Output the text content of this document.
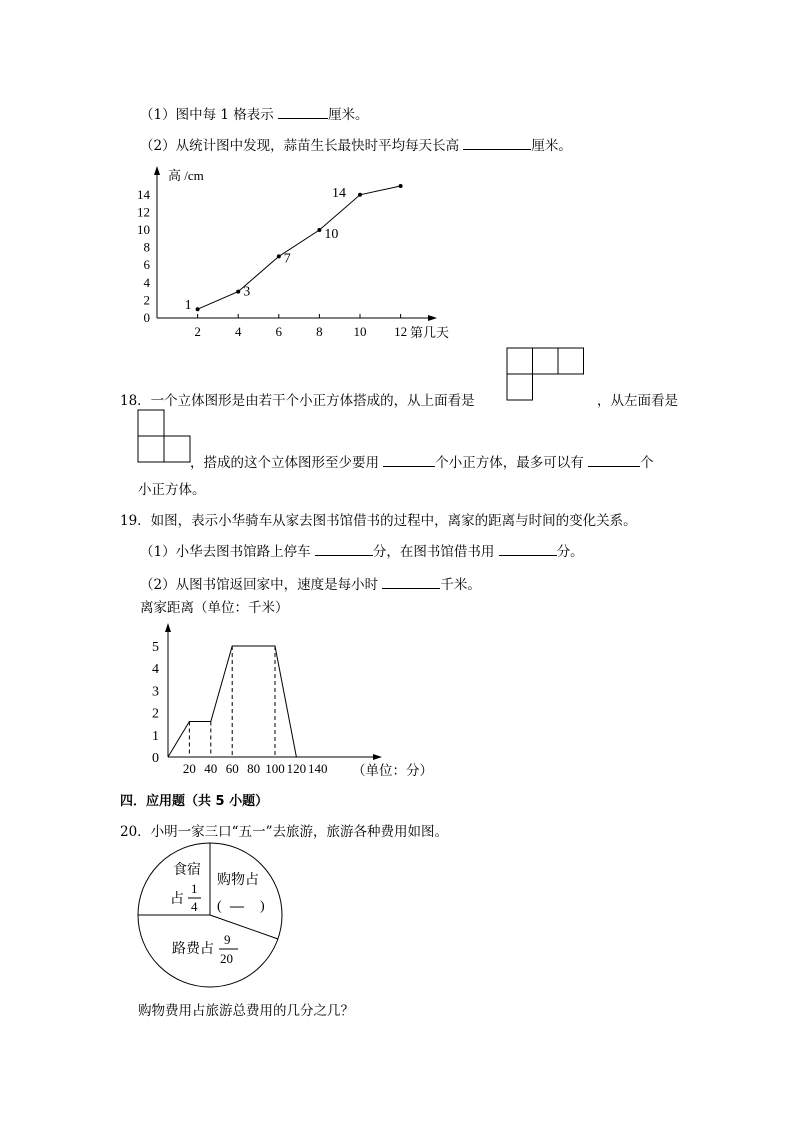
（1）图中每 1 格表示	厘米。
（2）从统计图中发现，蒜苗生长最快时平均每天长高	厘米。
高 /cm
第几天
0
2
4
6
8
10
12
14
2	4	6	8 10 12
1
3
7
10
14
18．一个立体图形是由若干个小正方体搭成的，从上面看是	，从左面看是
，搭成的这个立体图形至少要用	个小正方体，最多可以有	个
小正方体。
19．如图，表示小华骑车从家去图书馆借书的过程中，离家的距离与时间的变化关系。
（1）小华去图书馆路上停车	分，在图书馆借书用	分。
（2）从图书馆返回家中，速度是每小时	千米。
离家距离（单位：千米）
（单位：分）
0
1
2
3
4
5
20 40 60 80 100 120 140
四．应用题（共 5 小题）
20．小明一家三口“五一”去旅游，旅游各种费用如图。
食宿
占
1
4
购物占
( — )
路费占
9
20
购物费用占旅游总费用的几分之几？
